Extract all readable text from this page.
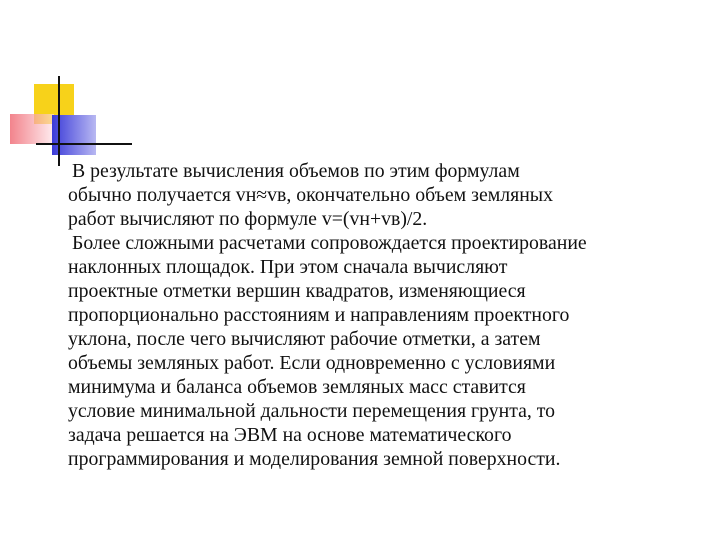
В результате вычисления объемов по этим формулам
обычно получается vн≈vв, окончательно объем земляных
работ вычисляют по формуле v=(vн+vв)/2.

Более сложными расчетами сопровождается проектирование
наклонных площадок. При этом сначала вычисляют
проектные отметки вершин квадратов, изменяющиеся
пропорционально расстояниям и направлениям проектного
уклона, после чего вычисляют рабочие отметки, а затем
объемы земляных работ. Если одновременно с условиями
минимума и баланса объемов земляных масс ставится
условие минимальной дальности перемещения грунта, то
задача решается на ЭВМ на основе математического
программирования и моделирования земной поверхности.
